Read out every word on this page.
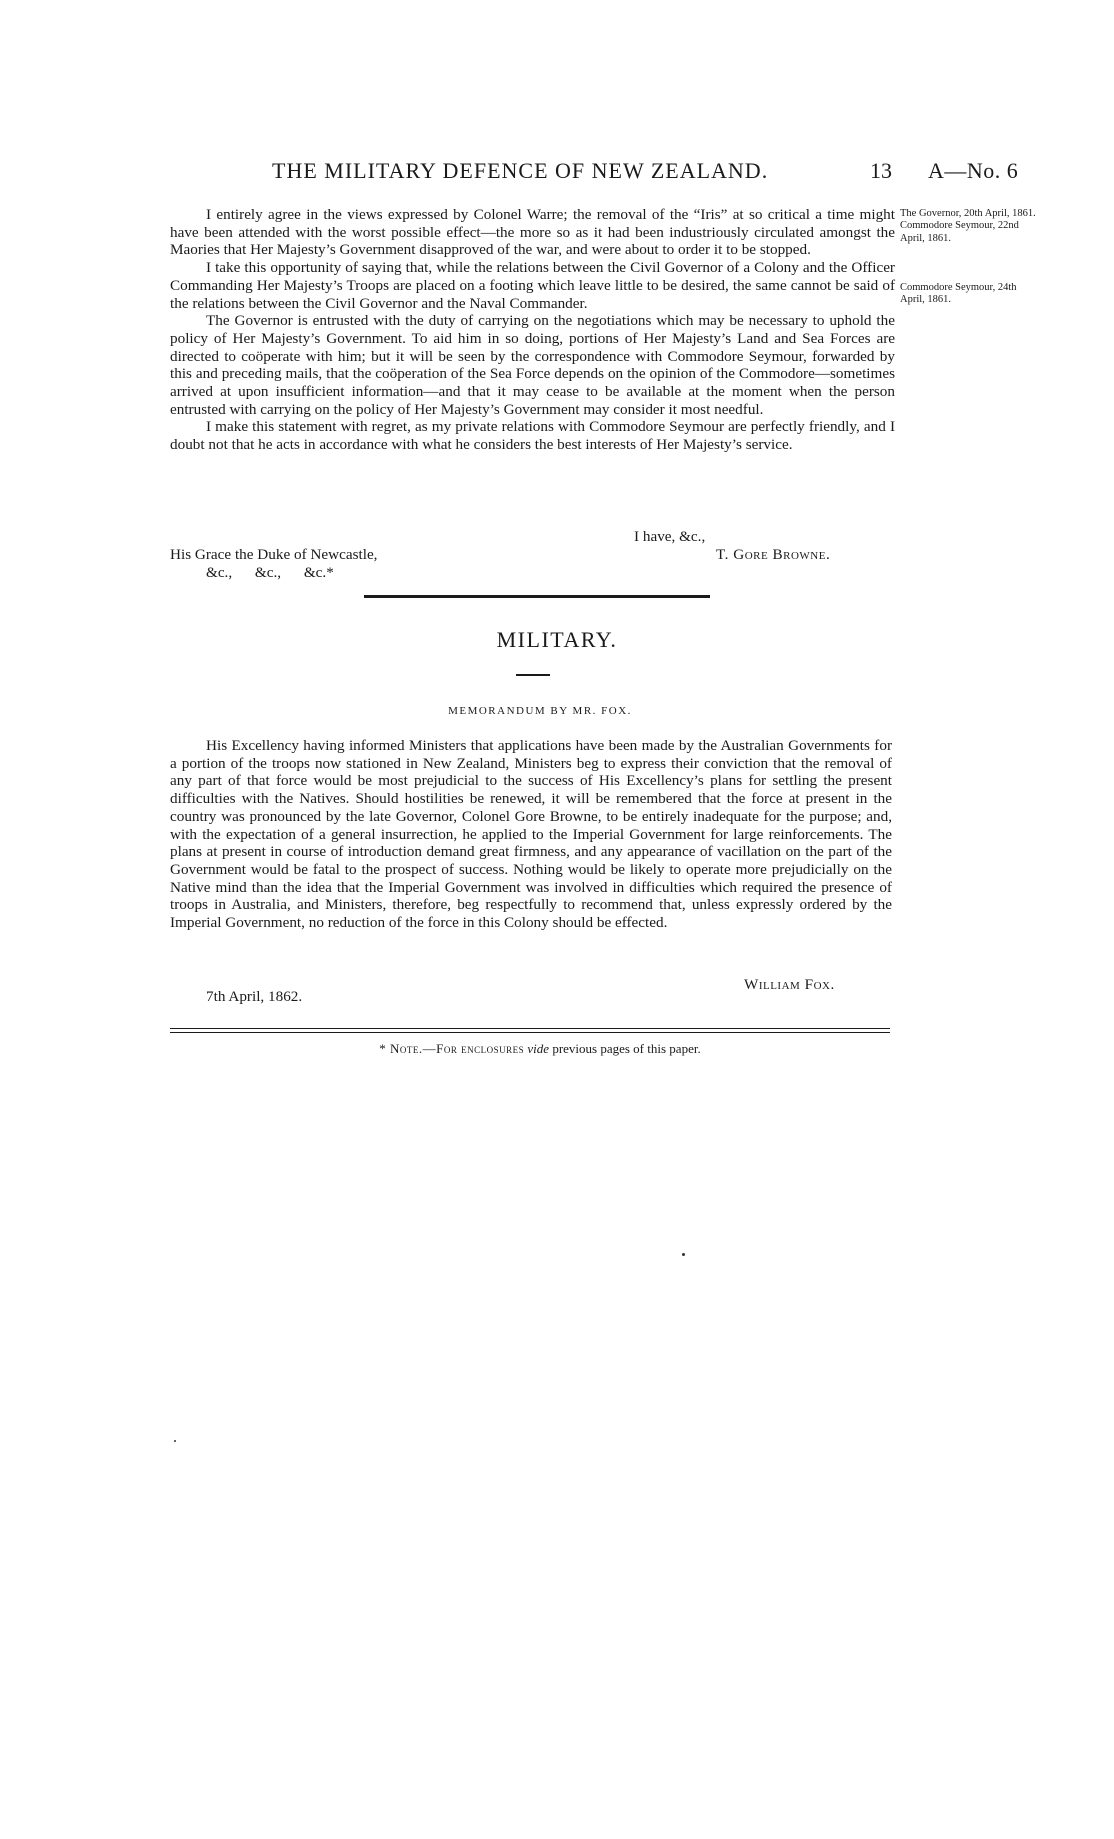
THE MILITARY DEFENCE OF NEW ZEALAND.	13 A—No. 6

I entirely agree in the views expressed by Colonel Warre; the removal of the “Iris” at so critical a time might have been attended with the worst possible effect—the more so as it had been industriously circulated amongst the Maories that Her Majesty’s Government disapproved of the war, and were about to order it to be stopped.

I take this opportunity of saying that, while the relations between the Civil Governor of a Colony and the Officer Commanding Her Majesty’s Troops are placed on a footing which leave little to be desired, the same cannot be said of the relations between the Civil Governor and the Naval Commander.

The Governor is entrusted with the duty of carrying on the negotiations which may be necessary to uphold the policy of Her Majesty’s Government. To aid him in so doing, portions of Her Majesty’s Land and Sea Forces are directed to coöperate with him; but it will be seen by the correspondence with Commodore Seymour, forwarded by this and preceding mails, that the coöperation of the Sea Force depends on the opinion of the Commodore—sometimes arrived at upon insufficient information—and that it may cease to be available at the moment when the person entrusted with carrying on the policy of Her Majesty’s Government may consider it most needful.

I make this statement with regret, as my private relations with Commodore Seymour are perfectly friendly, and I doubt not that he acts in accordance with what he considers the best interests of Her Majesty’s service.

The Governor, 20th April, 1861. Commodore Seymour, 22nd April, 1861.
Commodore Seymour, 24th April, 1861.
I have, &c.,
His Grace the Duke of Newcastle,	T. Gore Browne.
&c.,      &c.,      &c.*
MILITARY.
MEMORANDUM BY MR. FOX.

His Excellency having informed Ministers that applications have been made by the Australian Governments for a portion of the troops now stationed in New Zealand, Ministers beg to express their conviction that the removal of any part of that force would be most prejudicial to the success of His Excellency’s plans for settling the present difficulties with the Natives. Should hostilities be renewed, it will be remembered that the force at present in the country was pronounced by the late Governor, Colonel Gore Browne, to be entirely inadequate for the purpose; and, with the expectation of a general insurrection, he applied to the Imperial Government for large reinforcements. The plans at present in course of introduction demand great firmness, and any appearance of vacillation on the part of the Government would be fatal to the prospect of success. Nothing would be likely to operate more prejudicially on the Native mind than the idea that the Imperial Government was involved in difficulties which required the presence of troops in Australia, and Ministers, therefore, beg respectfully to recommend that, unless expressly ordered by the Imperial Government, no reduction of the force in this Colony should be effected.

William Fox.
7th April, 1862.
* Note.—For enclosures vide previous pages of this paper.
